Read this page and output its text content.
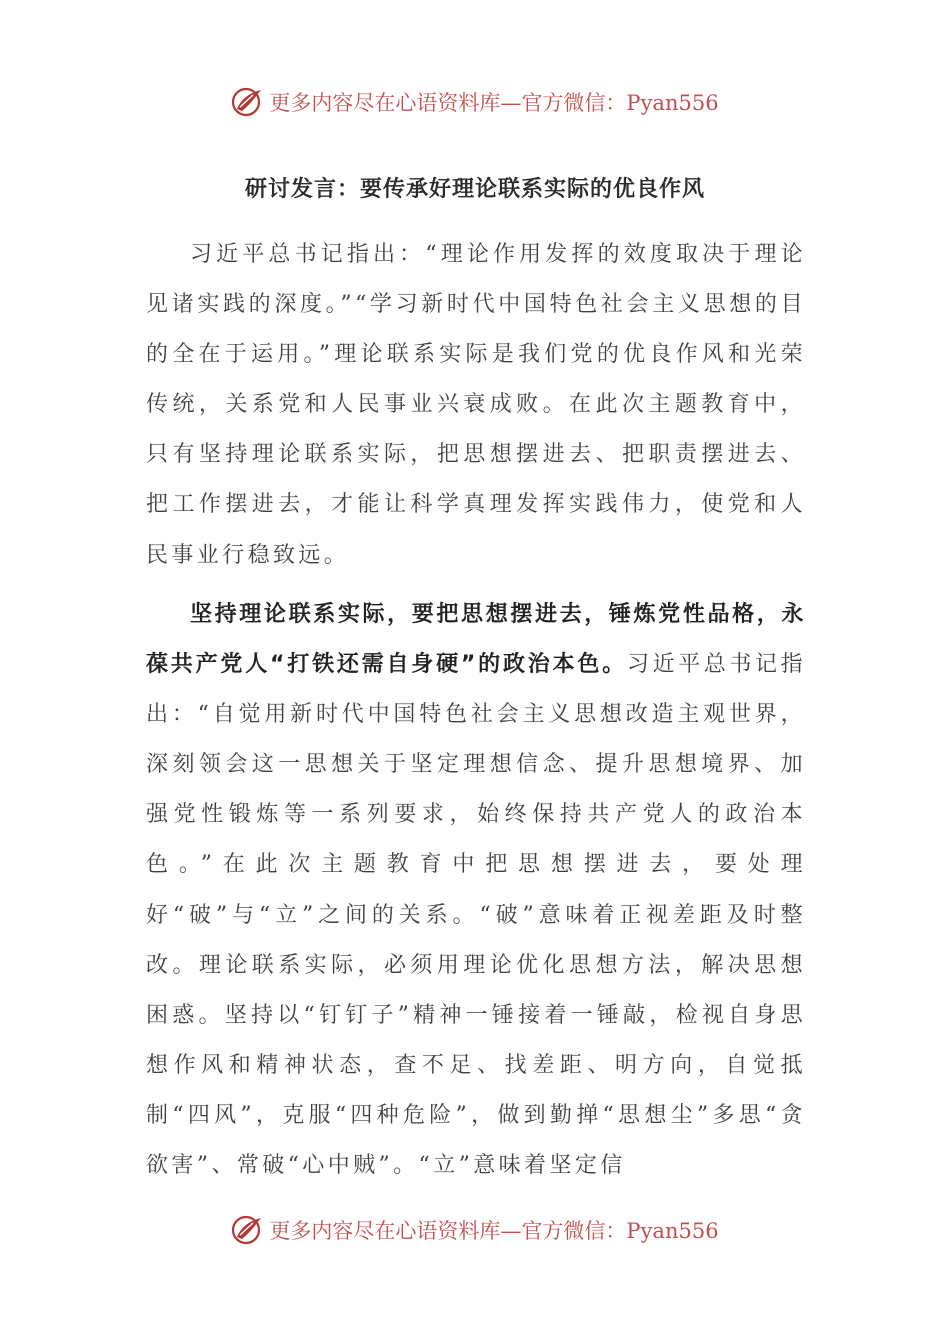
更多内容尽在心语资料库—官方微信：Pyan556
研讨发言：要传承好理论联系实际的优良作风
习近平总书记指出：“理论作用发挥的效度取决于理论见诸实践的深度。”“学习新时代中国特色社会主义思想的目的全在于运用。”理论联系实际是我们党的优良作风和光荣传统，关系党和人民事业兴衰成败。在此次主题教育中，只有坚持理论联系实际，把思想摆进去、把职责摆进去、把工作摆进去，才能让科学真理发挥实践伟力，使党和人民事业行稳致远。
坚持理论联系实际，要把思想摆进去，锤炼党性品格，永葆共产党人“打铁还需自身硬”的政治本色。习近平总书记指出：“自觉用新时代中国特色社会主义思想改造主观世界，深刻领会这一思想关于坚定理想信念、提升思想境界、加强党性锻炼等一系列要求，始终保持共产党人的政治本色。”在此次主题教育中把思想摆进去，要处理好“破”与“立”之间的关系。“破”意味着正视差距及时整改。理论联系实际，必须用理论优化思想方法，解决思想困惑。坚持以“钉钉子”精神一锤接着一锤敲，检视自身思想作风和精神状态，查不足、找差距、明方向，自觉抵制“四风”，克服“四种危险”，做到勤掸“思想尘”多思“贪欲害”、常破“心中贼”。“立”意味着坚定信
更多内容尽在心语资料库—官方微信：Pyan556
